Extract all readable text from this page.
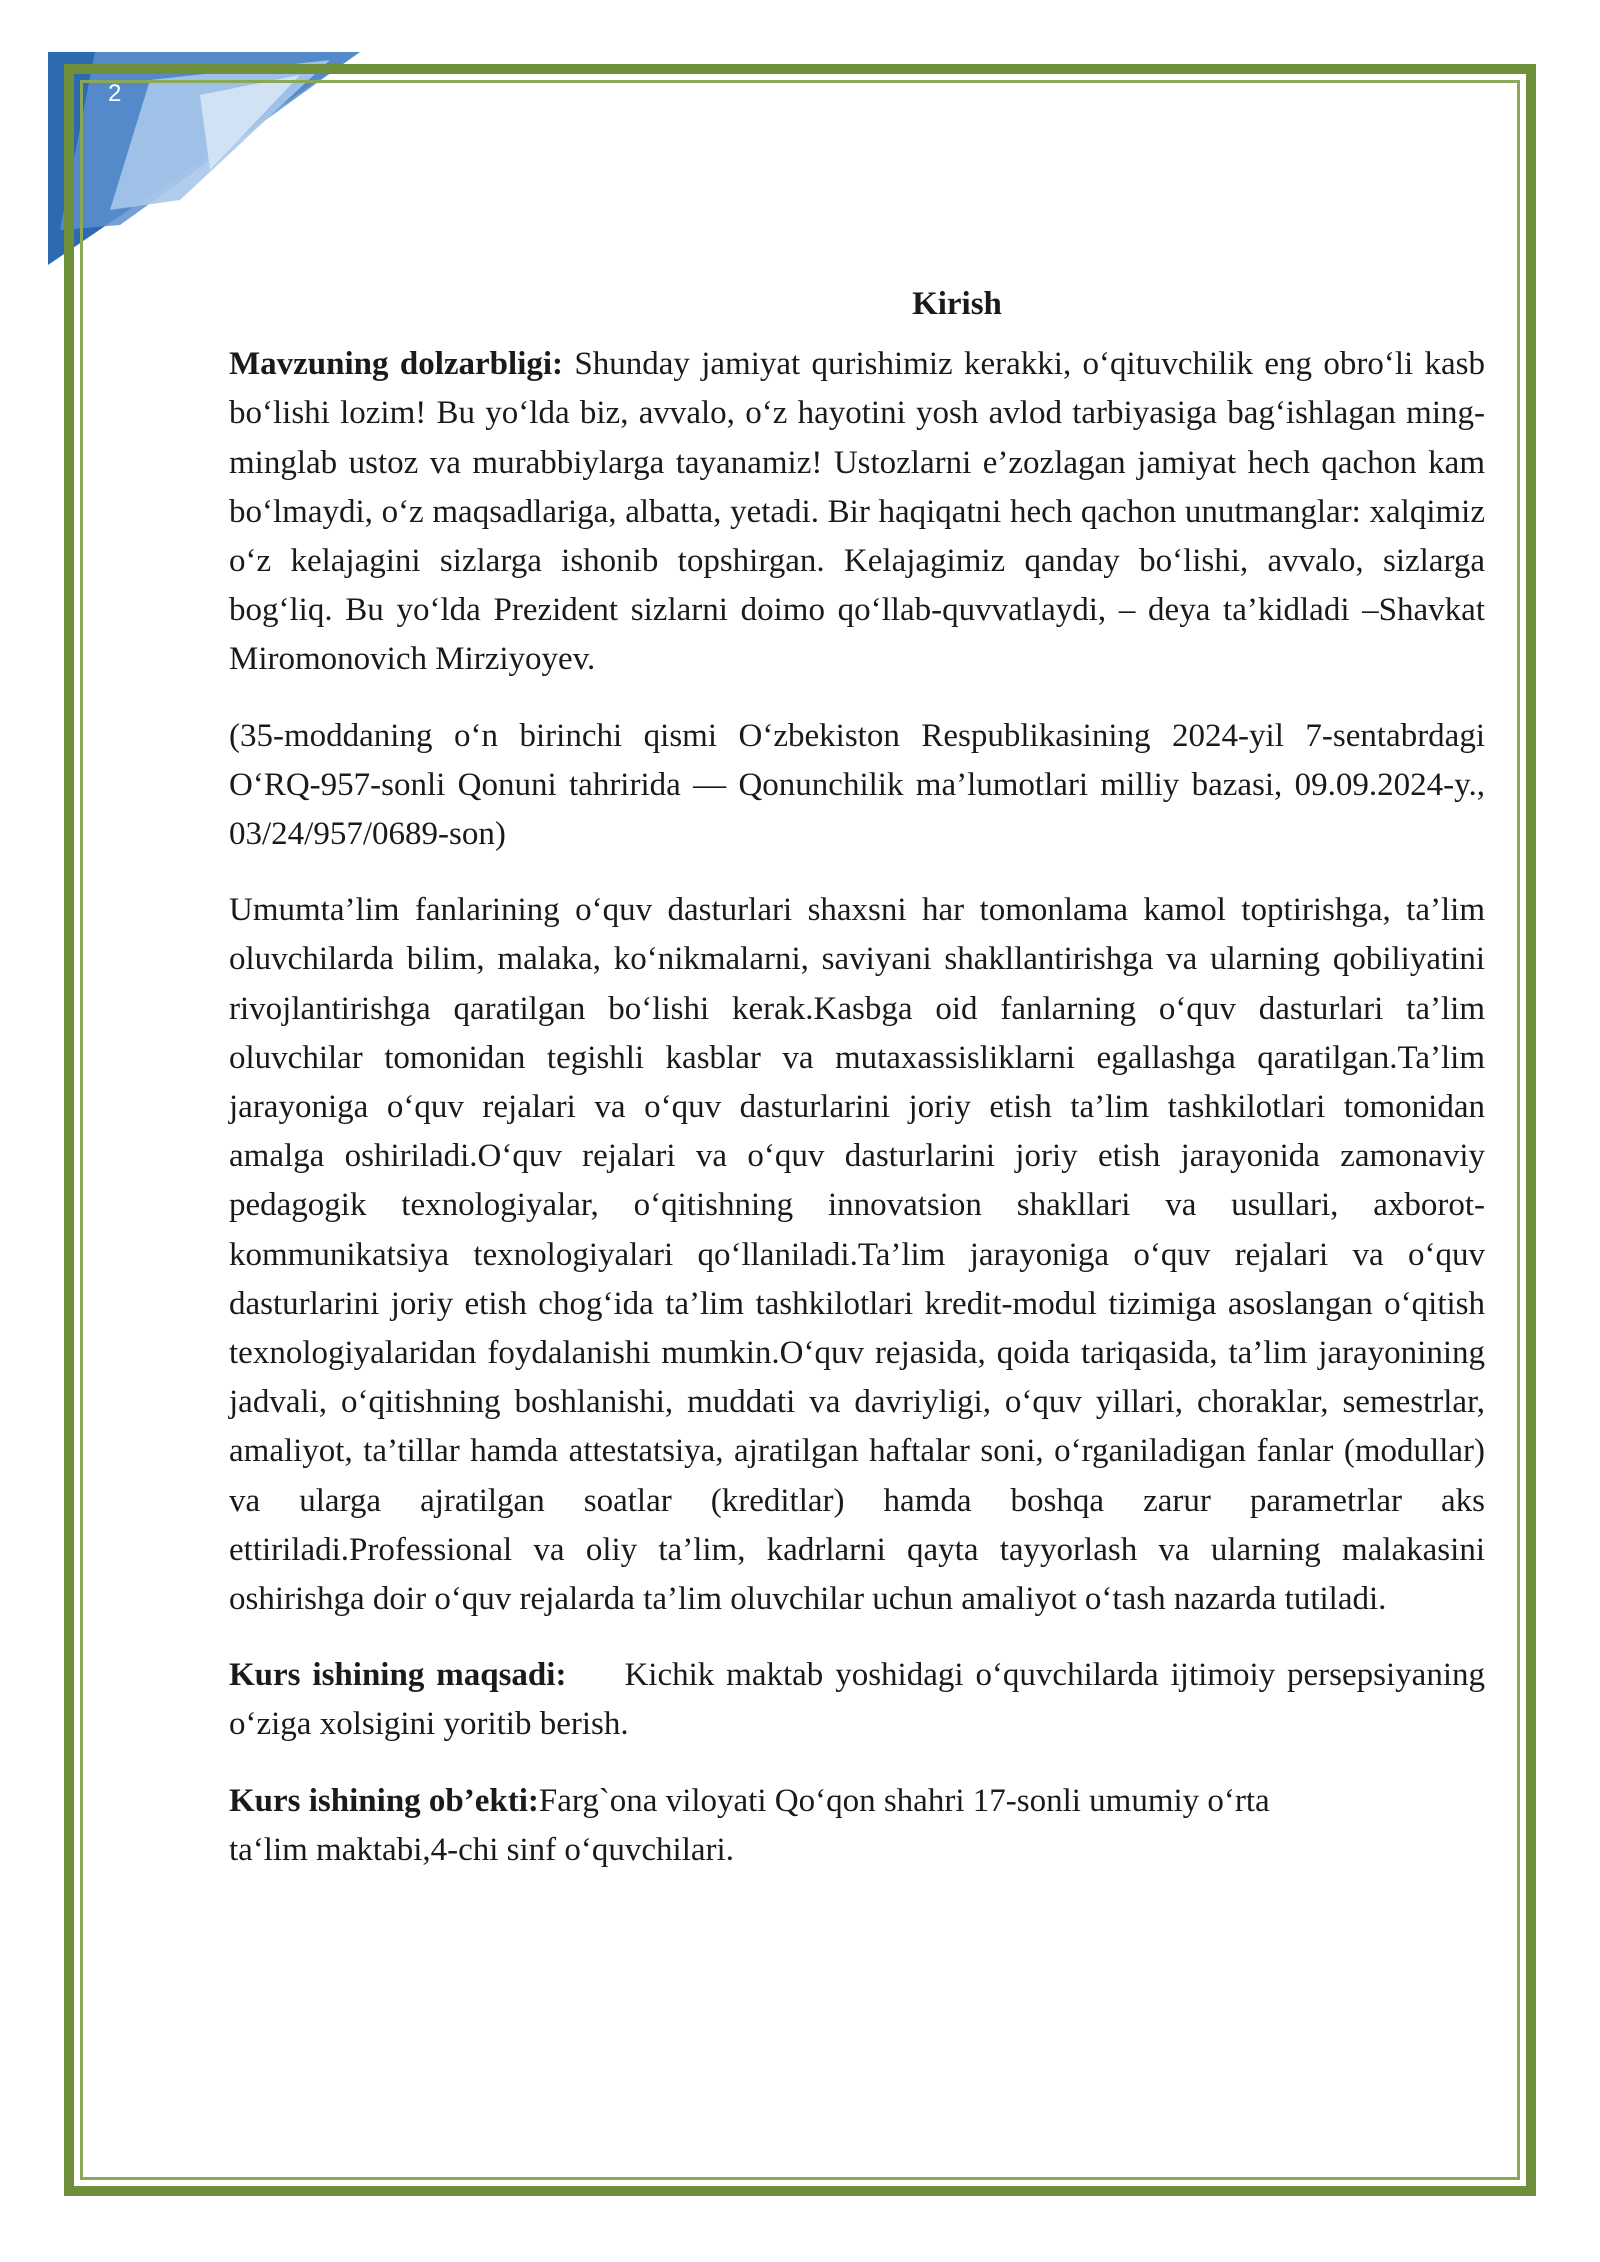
2
Kirish

Mavzuning dolzarbligi: Shunday jamiyat qurishimiz kerakki, o‘qituvchilik eng obro‘li kasb bo‘lishi lozim! Bu yo‘lda biz, avvalo, o‘z hayotini yosh avlod tarbiyasiga bag‘ishlagan ming-minglab ustoz va murabbiylarga tayanamiz! Ustozlarni e’zozlagan jamiyat hech qachon kam bo‘lmaydi, o‘z maqsadlariga, albatta, yetadi. Bir haqiqatni hech qachon unutmanglar: xalqimiz o‘z kelajagini sizlarga ishonib topshirgan. Kelajagimiz qanday bo‘lishi, avvalo, sizlarga bog‘liq. Bu yo‘lda Prezident sizlarni doimo qo‘llab-quvvatlaydi, – deya ta’kidladi –Shavkat Miromonovich Mirziyoyev.

(35-moddaning o‘n birinchi qismi O‘zbekiston Respublikasining 2024-yil 7-sentabrdagi O‘RQ-957-sonli Qonuni tahririda — Qonunchilik ma’lumotlari milliy bazasi, 09.09.2024-y., 03/24/957/0689-son)

Umumta’lim fanlarining o‘quv dasturlari shaxsni har tomonlama kamol toptirishga, ta’lim oluvchilarda bilim, malaka, ko‘nikmalarni, saviyani shakllantirishga va ularning qobiliyatini rivojlantirishga qaratilgan bo‘lishi kerak.Kasbga oid fanlarning o‘quv dasturlari ta’lim oluvchilar tomonidan tegishli kasblar va mutaxassisliklarni egallashga qaratilgan.Ta’lim jarayoniga o‘quv rejalari va o‘quv dasturlarini joriy etish ta’lim tashkilotlari tomonidan amalga oshiriladi.O‘quv rejalari va o‘quv dasturlarini joriy etish jarayonida zamonaviy pedagogik texnologiyalar, o‘qitishning innovatsion shakllari va usullari, axborot-kommunikatsiya texnologiyalari qo‘llaniladi.Ta’lim jarayoniga o‘quv rejalari va o‘quv dasturlarini joriy etish chog‘ida ta’lim tashkilotlari kredit-modul tizimiga asoslangan o‘qitish texnologiyalaridan foydalanishi mumkin.O‘quv rejasida, qoida tariqasida, ta’lim jarayonining jadvali, o‘qitishning boshlanishi, muddati va davriyligi, o‘quv yillari, choraklar, semestrlar, amaliyot, ta’tillar hamda attestatsiya, ajratilgan haftalar soni, o‘rganiladigan fanlar (modullar) va ularga ajratilgan soatlar (kreditlar) hamda boshqa zarur parametrlar aks ettiriladi.Professional va oliy ta’lim, kadrlarni qayta tayyorlash va ularning malakasini oshirishga doir o‘quv rejalarda ta’lim oluvchilar uchun amaliyot o‘tash nazarda tutiladi.

Kurs ishining maqsadi: Kichik maktab yoshidagi o‘quvchilarda ijtimoiy persepsiyaning o‘ziga xolsigini yoritib berish.

Kurs ishining ob’ekti:Farg`ona viloyati Qo‘qon shahri 17-sonli umumiy o‘rta
ta‘lim maktabi,4-chi sinf o‘quvchilari.
